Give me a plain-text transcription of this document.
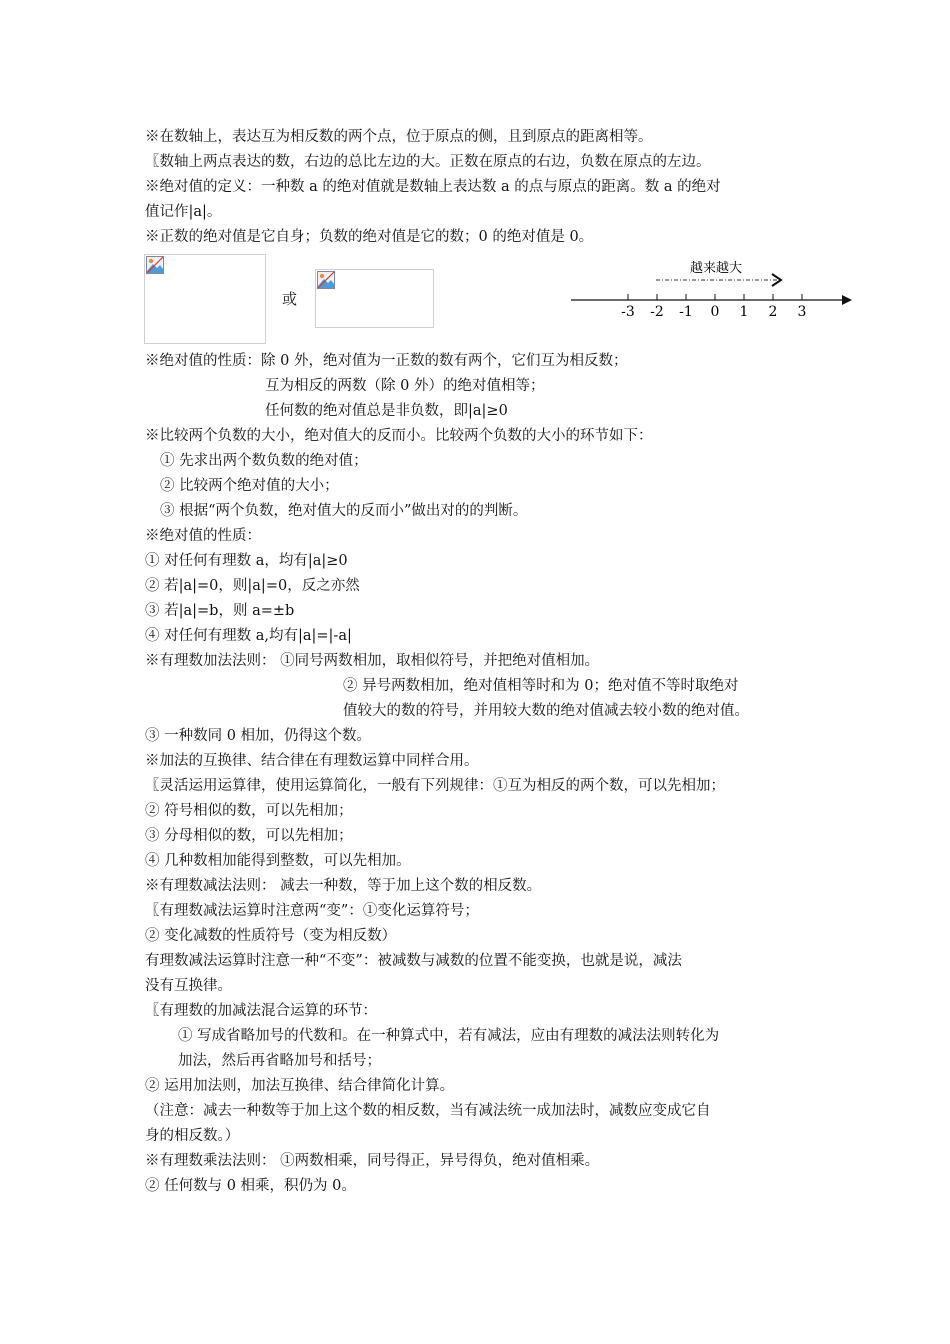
※在数轴上，表达互为相反数的两个点，位于原点的侧，且到原点的距离相等。
〖数轴上两点表达的数，右边的总比左边的大。正数在原点的右边，负数在原点的左边。
※绝对值的定义：一种数 a 的绝对值就是数轴上表达数 a 的点与原点的距离。数 a 的绝对
值记作|a|。
※正数的绝对值是它自身；负数的绝对值是它的数；0 的绝对值是 0。
或
越来越大
-3 -2 -1 0 1 2 3
※绝对值的性质：除 0 外，绝对值为一正数的数有两个，它们互为相反数；
互为相反的两数（除 0 外）的绝对值相等；
任何数的绝对值总是非负数，即|a|≥0
※比较两个负数的大小，绝对值大的反而小。比较两个负数的大小的环节如下：
① 先求出两个数负数的绝对值；
② 比较两个绝对值的大小；
③ 根据“两个负数，绝对值大的反而小”做出对的的判断。
※绝对值的性质：
① 对任何有理数 a，均有|a|≥0
② 若|a|=0，则|a|=0，反之亦然
③ 若|a|=b，则 a=±b
④ 对任何有理数 a,均有|a|=|-a|
※有理数加法法则： ①同号两数相加，取相似符号，并把绝对值相加。
② 异号两数相加，绝对值相等时和为 0；绝对值不等时取绝对
值较大的数的符号，并用较大数的绝对值减去较小数的绝对值。
③ 一种数同 0 相加，仍得这个数。
※加法的互换律、结合律在有理数运算中同样合用。
〖灵活运用运算律，使用运算简化，一般有下列规律：①互为相反的两个数，可以先相加；
② 符号相似的数，可以先相加；
③ 分母相似的数，可以先相加；
④ 几种数相加能得到整数，可以先相加。
※有理数减法法则： 减去一种数，等于加上这个数的相反数。
〖有理数减法运算时注意两“变”：①变化运算符号；
② 变化减数的性质符号（变为相反数）
有理数减法运算时注意一种“不变”：被减数与减数的位置不能变换，也就是说，减法
没有互换律。
〖有理数的加减法混合运算的环节：
① 写成省略加号的代数和。在一种算式中，若有减法，应由有理数的减法法则转化为
加法，然后再省略加号和括号；
② 运用加法则，加法互换律、结合律简化计算。
（注意：减去一种数等于加上这个数的相反数，当有减法统一成加法时，减数应变成它自
身的相反数。）
※有理数乘法法则： ①两数相乘，同号得正，异号得负，绝对值相乘。
② 任何数与 0 相乘，积仍为 0。
